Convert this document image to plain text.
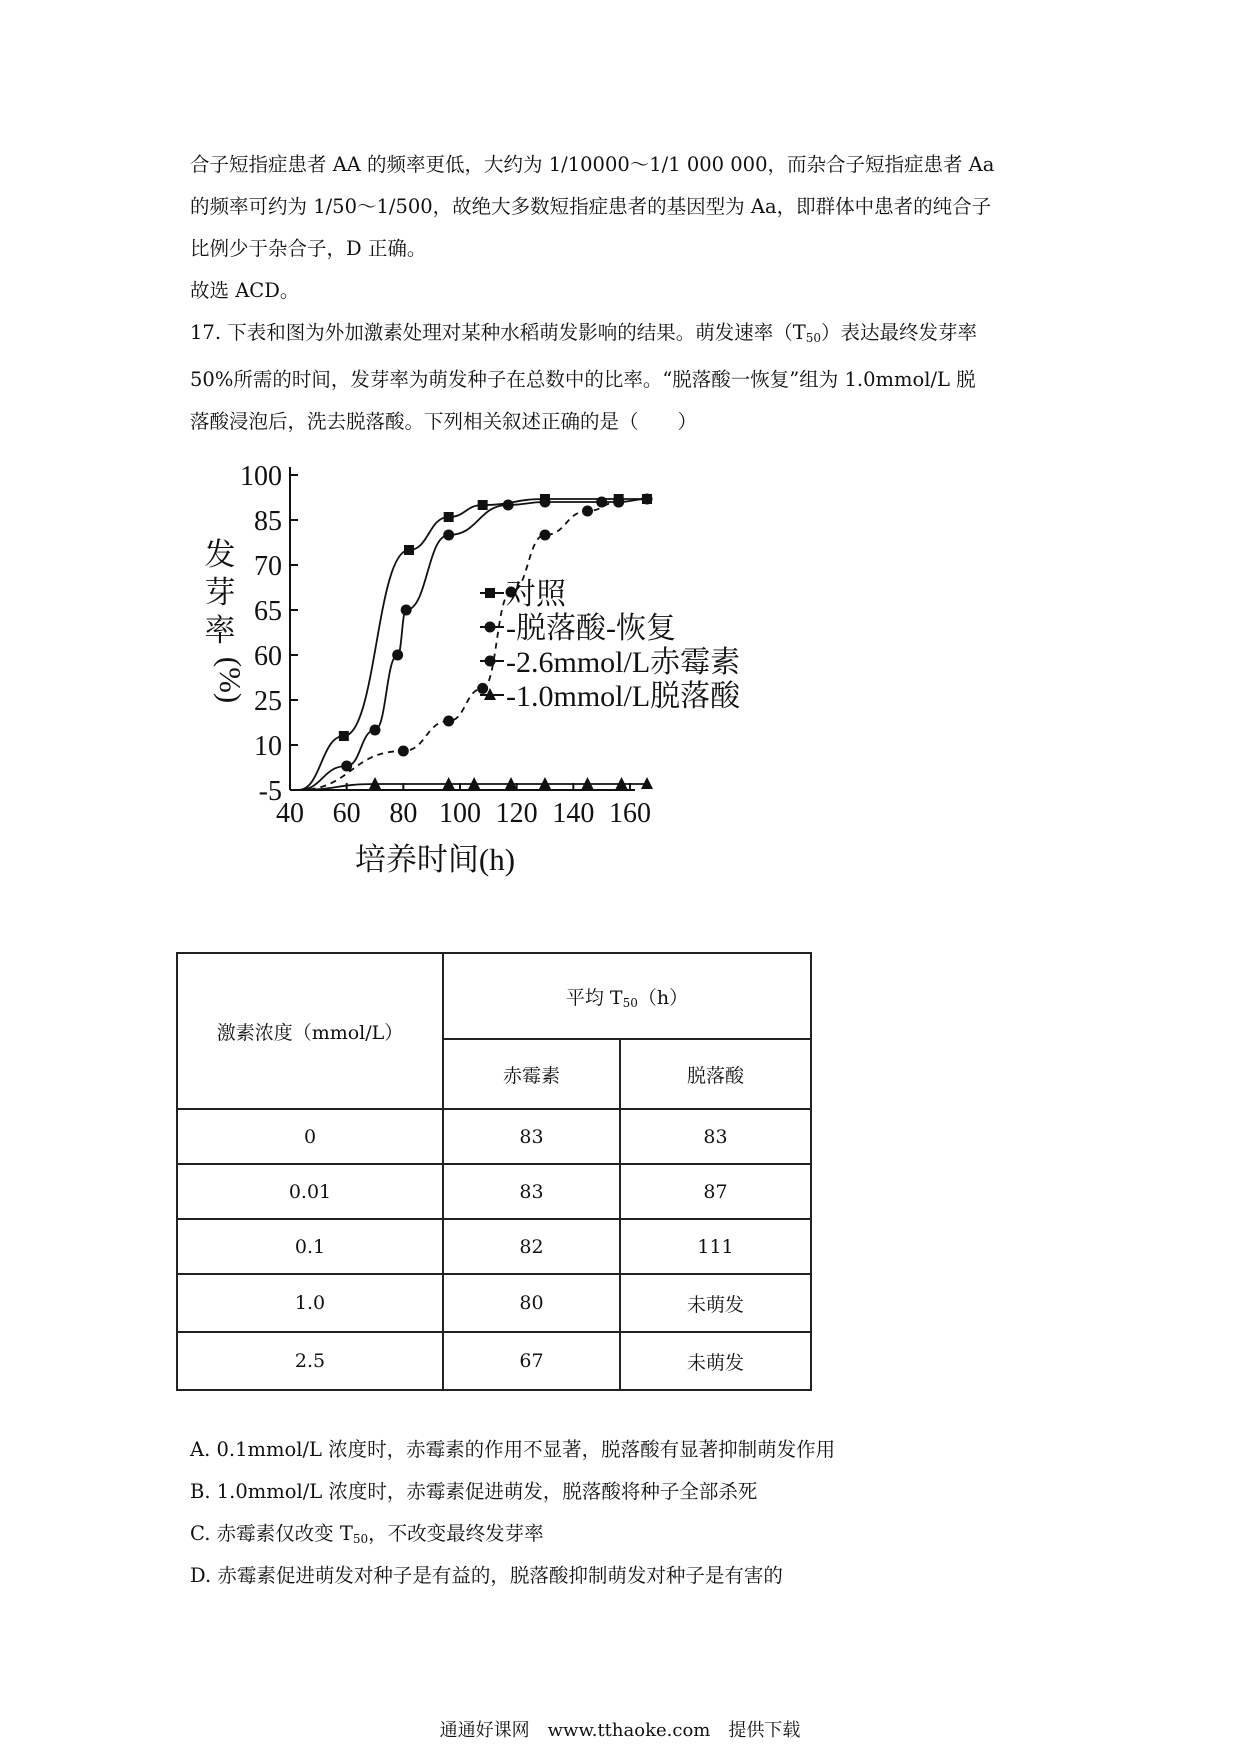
合子短指症患者 AA 的频率更低，大约为 1/10000～1/1 000 000，而杂合子短指症患者 Aa
的频率可约为 1/50～1/500，故绝大多数短指症患者的基因型为 Aa，即群体中患者的纯合子
比例少于杂合子，D 正确。
故选 ACD。
17. 下表和图为外加激素处理对某种水稻萌发影响的结果。萌发速率$(T_{50})$表达最终发芽率
50%所需的时间，发芽率为萌发种子在总数中的比率。“脱落酸一恢复”组为 1.0mmol/L 脱
落酸浸泡后，洗去脱落酸。下列相关叙述正确的是（　　）
100
85
70
65
60
25
10
-5
40 60 80 100 120 140 160
对照
-脱落酸-恢复
-2.6mmol/L赤霉素
-1.0mmol/L脱落酸
发
芽
率
(%)
培养时间(h)
激素浓度（mmol/L）	平均 $T_{50}(h)$	
	赤霉素	脱落酸
0	83	83
0.01	83	87
0.1	82	111
1.0	80	未萌发
2.5	67	未萌发
A. 0.1mmol/L 浓度时，赤霉素的作用不显著，脱落酸有显著抑制萌发作用
B. 1.0mmol/L 浓度时，赤霉素促进萌发，脱落酸将种子全部杀死
C. 赤霉素仅改变 $T_{50}$，不改变最终发芽率
D. 赤霉素促进萌发对种子是有益的，脱落酸抑制萌发对种子是有害的
通通好课网　www.tthaoke.com　提供下载
